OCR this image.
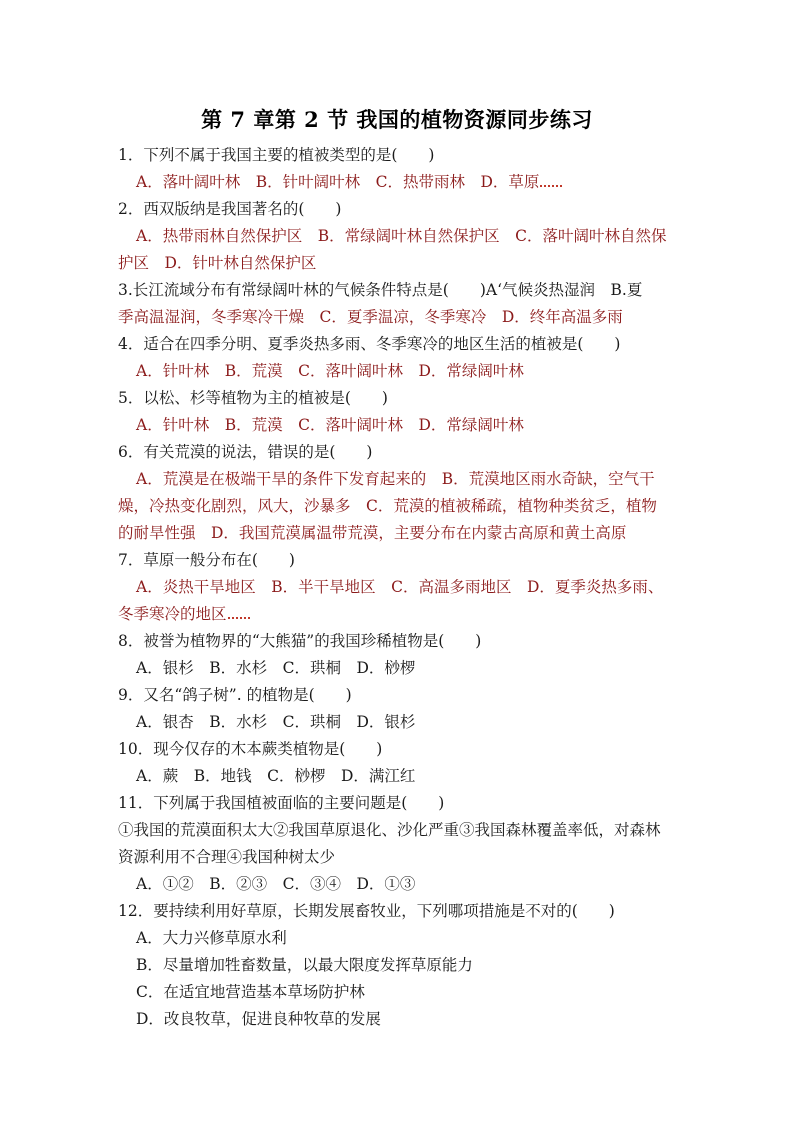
第 7 章第 2 节 我国的植物资源同步练习
1．下列不属于我国主要的植被类型的是(　　)
A．落叶阔叶林　B．针叶阔叶林　C．热带雨林　D．草原
2．西双版纳是我国著名的(　　)
A．热带雨林自然保护区　B．常绿阔叶林自然保护区　C．落叶阔叶林自然保
护区　D．针叶林自然保护区
3.长江流域分布有常绿阔叶林的气候条件特点是(　　)A‘气候炎热湿润　B.夏
季高温湿润，冬季寒冷干燥　C．夏季温凉，冬季寒冷　D．终年高温多雨
4．适合在四季分明、夏季炎热多雨、冬季寒冷的地区生活的植被是(　　)
A．针叶林　B．荒漠　C．落叶阔叶林　D．常绿阔叶林
5．以松、杉等植物为主的植被是(　　)
A．针叶林　B．荒漠　C．落叶阔叶林　D．常绿阔叶林
6．有关荒漠的说法，错误的是(　　)
A．荒漠是在极端干旱的条件下发育起来的　B．荒漠地区雨水奇缺，空气干
燥，冷热变化剧烈，风大，沙暴多　C．荒漠的植被稀疏，植物种类贫乏，植物
的耐旱性强　D．我国荒漠属温带荒漠，主要分布在内蒙古高原和黄土高原
7．草原一般分布在(　　)
A．炎热干旱地区　B．半干旱地区　C．高温多雨地区　D．夏季炎热多雨、
冬季寒冷的地区
8．被誉为植物界的“大熊猫”的我国珍稀植物是(　　)
A．银杉　B．水杉　C．珙桐　D．桫椤
9．又名“鸽子树”. 的植物是(　　)
A．银杏　B．水杉　C．珙桐　D．银杉
10．现今仅存的木本蕨类植物是(　　)
A．蕨　B．地钱　C．桫椤　D．满江红
11．下列属于我国植被面临的主要问题是(　　)
①我国的荒漠面积太大②我国草原退化、沙化严重③我国森林覆盖率低，对森林
资源利用不合理④我国种树太少
A．①②　B．②③　C．③④　D．①③
12．要持续利用好草原，长期发展畜牧业，下列哪项措施是不对的(　　)
A．大力兴修草原水利
B．尽量增加牲畜数量，以最大限度发挥草原能力
C．在适宜地营造基本草场防护林
D．改良牧草，促进良种牧草的发展
